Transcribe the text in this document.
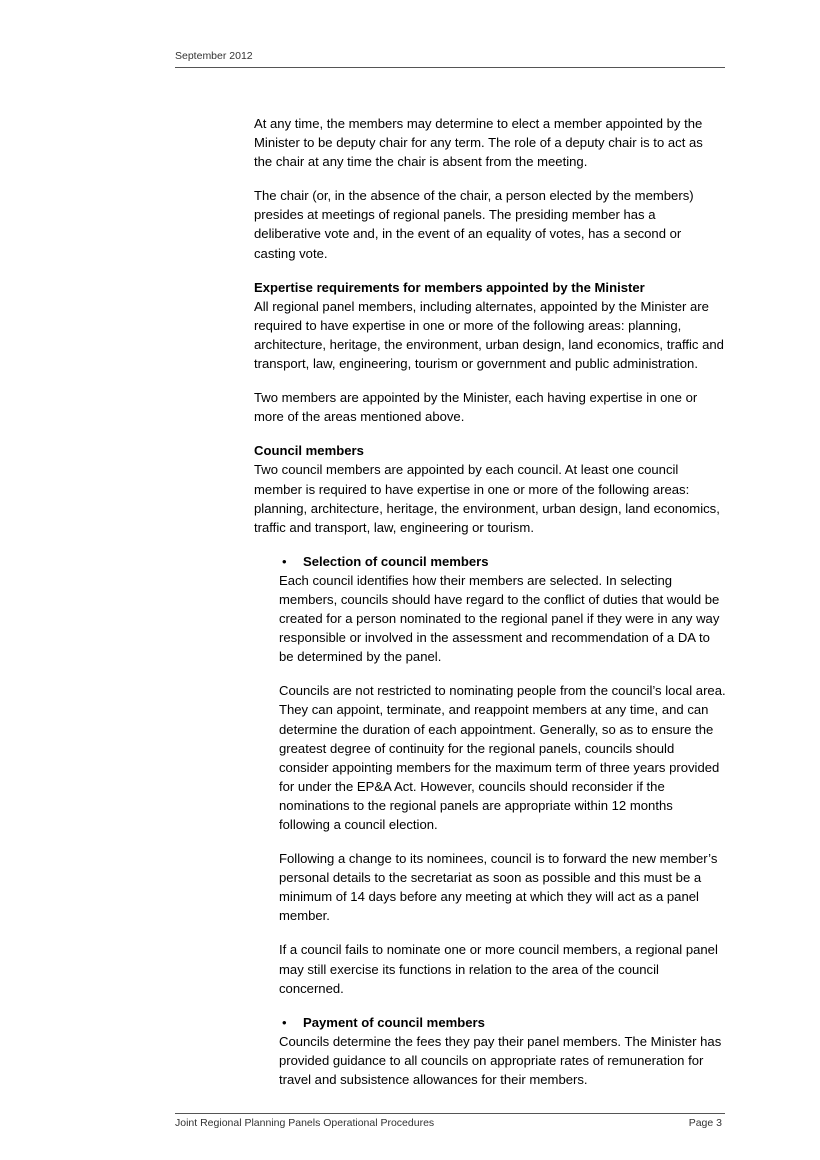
September 2012

At any time, the members may determine to elect a member appointed by the Minister to be deputy chair for any term. The role of a deputy chair is to act as the chair at any time the chair is absent from the meeting.

The chair (or, in the absence of the chair, a person elected by the members) presides at meetings of regional panels. The presiding member has a deliberative vote and, in the event of an equality of votes, has a second or casting vote.

Expertise requirements for members appointed by the Minister
All regional panel members, including alternates, appointed by the Minister are required to have expertise in one or more of the following areas: planning, architecture, heritage, the environment, urban design, land economics, traffic and transport, law, engineering, tourism or government and public administration.

Two members are appointed by the Minister, each having expertise in one or more of the areas mentioned above.

Council members
Two council members are appointed by each council. At least one council member is required to have expertise in one or more of the following areas: planning, architecture, heritage, the environment, urban design, land economics, traffic and transport, law, engineering or tourism.

• Selection of council members
Each council identifies how their members are selected. In selecting members, councils should have regard to the conflict of duties that would be created for a person nominated to the regional panel if they were in any way responsible or involved in the assessment and recommendation of a DA to be determined by the panel.

Councils are not restricted to nominating people from the council’s local area. They can appoint, terminate, and reappoint members at any time, and can determine the duration of each appointment. Generally, so as to ensure the greatest degree of continuity for the regional panels, councils should consider appointing members for the maximum term of three years provided for under the EP&A Act. However, councils should reconsider if the nominations to the regional panels are appropriate within 12 months following a council election.

Following a change to its nominees, council is to forward the new member’s personal details to the secretariat as soon as possible and this must be a minimum of 14 days before any meeting at which they will act as a panel member.

If a council fails to nominate one or more council members, a regional panel may still exercise its functions in relation to the area of the council concerned.

• Payment of council members
Councils determine the fees they pay their panel members. The Minister has provided guidance to all councils on appropriate rates of remuneration for travel and subsistence allowances for their members.

Joint Regional Planning Panels Operational Procedures	Page 3
